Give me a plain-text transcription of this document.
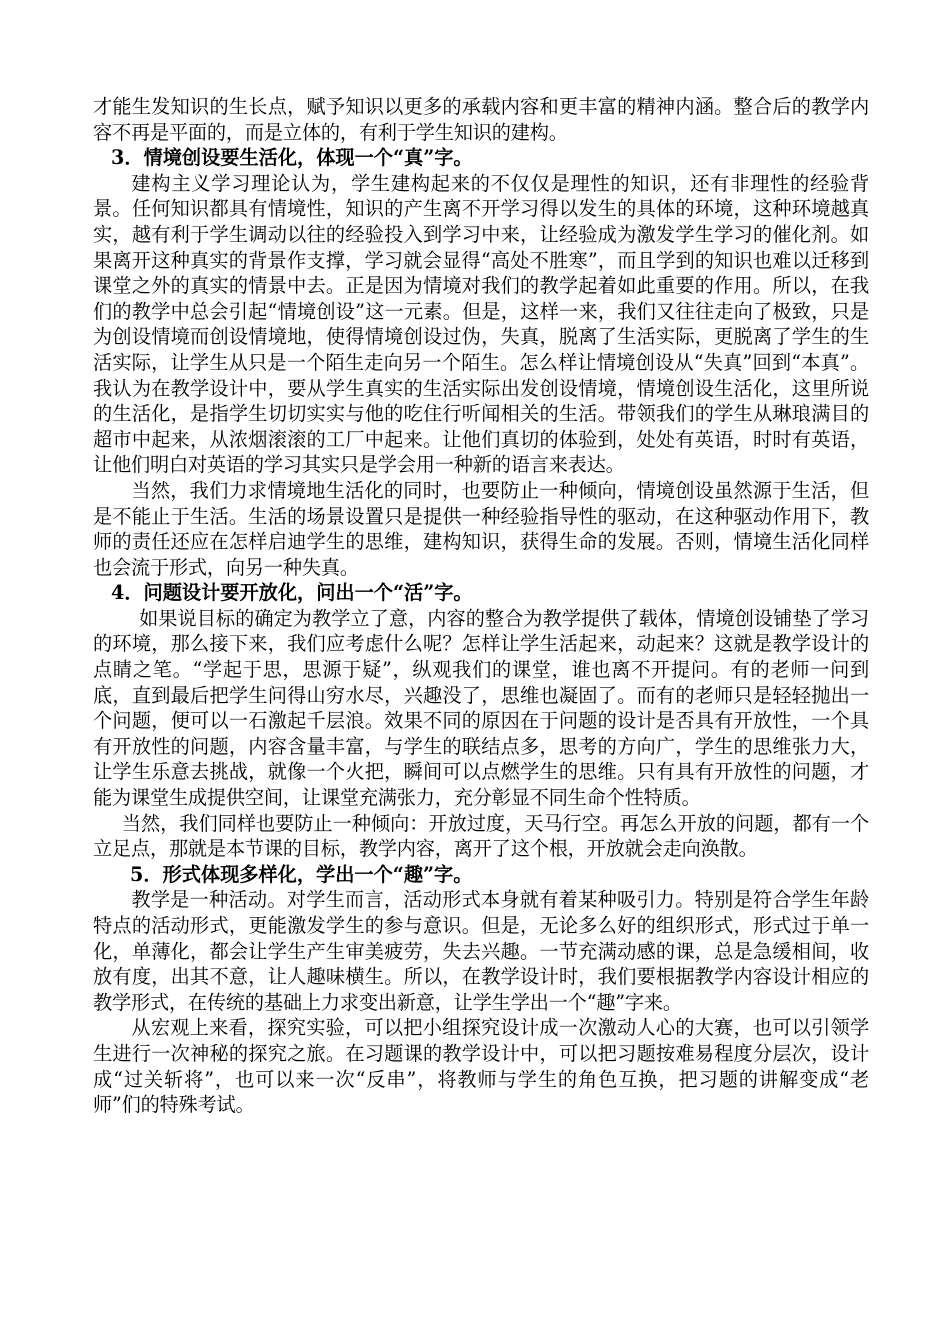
才能生发知识的生长点，赋予知识以更多的承载内容和更丰富的精神内涵。整合后的教学内容不再是平面的，而是立体的，有利于学生知识的建构。

3．情境创设要生活化，体现一个“真”字。

建构主义学习理论认为，学生建构起来的不仅仅是理性的知识，还有非理性的经验背景。任何知识都具有情境性，知识的产生离不开学习得以发生的具体的环境，这种环境越真实，越有利于学生调动以往的经验投入到学习中来，让经验成为激发学生学习的催化剂。如果离开这种真实的背景作支撑，学习就会显得“高处不胜寒”，而且学到的知识也难以迁移到课堂之外的真实的情景中去。正是因为情境对我们的教学起着如此重要的作用。所以，在我们的教学中总会引起“情境创设”这一元素。但是，这样一来，我们又往往走向了极致，只是为创设情境而创设情境地，使得情境创设过伪，失真，脱离了生活实际，更脱离了学生的生活实际，让学生从只是一个陌生走向另一个陌生。怎么样让情境创设从“失真”回到“本真”。我认为在教学设计中，要从学生真实的生活实际出发创设情境，情境创设生活化，这里所说的生活化，是指学生切切实实与他的吃住行听闻相关的生活。带领我们的学生从琳琅满目的超市中起来，从浓烟滚滚的工厂中起来。让他们真切的体验到，处处有英语，时时有英语，让他们明白对英语的学习其实只是学会用一种新的语言来表达。

当然，我们力求情境地生活化的同时，也要防止一种倾向，情境创设虽然源于生活，但是不能止于生活。生活的场景设置只是提供一种经验指导性的驱动，在这种驱动作用下，教师的责任还应在怎样启迪学生的思维，建构知识，获得生命的发展。否则，情境生活化同样也会流于形式，向另一种失真。

4．问题设计要开放化，问出一个“活”字。

如果说目标的确定为教学立了意，内容的整合为教学提供了载体，情境创设铺垫了学习的环境，那么接下来，我们应考虑什么呢？怎样让学生活起来，动起来？这就是教学设计的点睛之笔。“学起于思，思源于疑”，纵观我们的课堂，谁也离不开提问。有的老师一问到底，直到最后把学生问得山穷水尽，兴趣没了，思维也凝固了。而有的老师只是轻轻抛出一个问题，便可以一石激起千层浪。效果不同的原因在于问题的设计是否具有开放性，一个具有开放性的问题，内容含量丰富，与学生的联结点多，思考的方向广，学生的思维张力大，让学生乐意去挑战，就像一个火把，瞬间可以点燃学生的思维。只有具有开放性的问题，才能为课堂生成提供空间，让课堂充满张力，充分彰显不同生命个性特质。

当然，我们同样也要防止一种倾向：开放过度，天马行空。再怎么开放的问题，都有一个立足点，那就是本节课的目标，教学内容，离开了这个根，开放就会走向涣散。

5．形式体现多样化，学出一个“趣”字。

教学是一种活动。对学生而言，活动形式本身就有着某种吸引力。特别是符合学生年龄特点的活动形式，更能激发学生的参与意识。但是，无论多么好的组织形式，形式过于单一化，单薄化，都会让学生产生审美疲劳，失去兴趣。一节充满动感的课，总是急缓相间，收放有度，出其不意，让人趣味横生。所以，在教学设计时，我们要根据教学内容设计相应的教学形式，在传统的基础上力求变出新意，让学生学出一个“趣”字来。

从宏观上来看，探究实验，可以把小组探究设计成一次激动人心的大赛，也可以引领学生进行一次神秘的探究之旅。在习题课的教学设计中，可以把习题按难易程度分层次，设计成“过关斩将”，也可以来一次“反串”，将教师与学生的角色互换，把习题的讲解变成“老师”们的特殊考试。
